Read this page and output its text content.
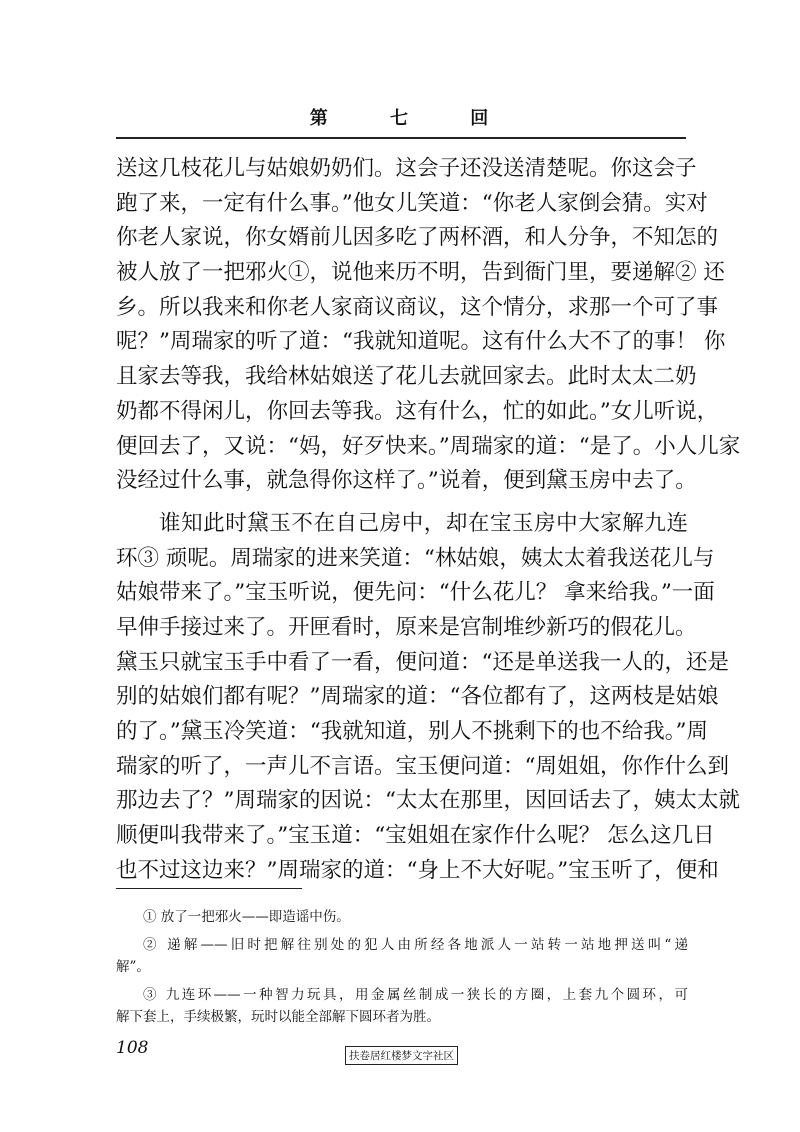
第	七	回
送这几枝花儿与姑娘奶奶们。这会子还没送清楚呢。你这会子
跑了来，一定有什么事。”他女儿笑道：“你老人家倒会猜。实对
你老人家说，你女婿前儿因多吃了两杯酒，和人分争，不知怎的
被人放了一把邪火①，说他来历不明，告到衙门里，要递解② 还
乡。所以我来和你老人家商议商议，这个情分，求那一个可了事
呢？”周瑞家的听了道：“我就知道呢。这有什么大不了的事！ 你
且家去等我，我给林姑娘送了花儿去就回家去。此时太太二奶
奶都不得闲儿，你回去等我。这有什么，忙的如此。”女儿听说，
便回去了，又说：“妈，好歹快来。”周瑞家的道：“是了。小人儿家
没经过什么事，就急得你这样了。”说着，便到黛玉房中去了。
谁知此时黛玉不在自己房中，却在宝玉房中大家解九连
环③ 顽呢。周瑞家的进来笑道：“林姑娘，姨太太着我送花儿与
姑娘带来了。”宝玉听说，便先问：“什么花儿？ 拿来给我。”一面
早伸手接过来了。开匣看时，原来是宫制堆纱新巧的假花儿。
黛玉只就宝玉手中看了一看，便问道：“还是单送我一人的，还是
别的姑娘们都有呢？”周瑞家的道：“各位都有了，这两枝是姑娘
的了。”黛玉冷笑道：“我就知道，别人不挑剩下的也不给我。”周
瑞家的听了，一声儿不言语。宝玉便问道：“周姐姐，你作什么到
那边去了？”周瑞家的因说：“太太在那里，因回话去了，姨太太就
顺便叫我带来了。”宝玉道：“宝姐姐在家作什么呢？ 怎么这几日
也不过这边来？”周瑞家的道：“身上不大好呢。”宝玉听了，便和
① 放了一把邪火——即造谣中伤。
② 递解——旧时把解往别处的犯人由所经各地派人一站转一站地押送叫“递
解”。
③ 九连环——一种智力玩具，用金属丝制成一狭长的方圈，上套九个圆环，可
解下套上，手续极繁，玩时以能全部解下圆环者为胜。
108	扶卷居红楼梦文字社区
